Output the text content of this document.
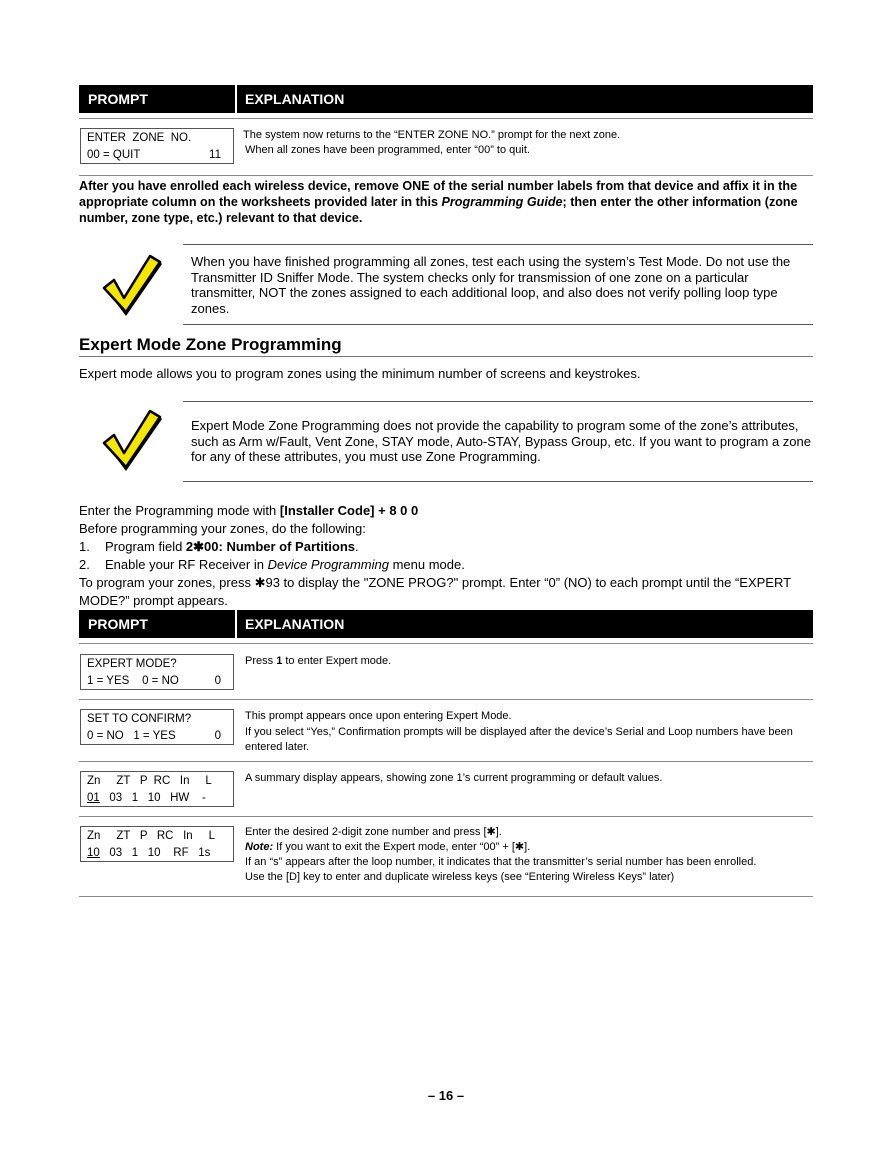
PROMPT	EXPLANATION
ENTER  ZONE  NO.
00 = QUIT	11

The system now returns to the “ENTER ZONE NO.” prompt for the next zone.

When all zones have been programmed, enter “00” to quit.

After you have enrolled each wireless device, remove ONE of the serial number labels from that device and affix it in the appropriate column on the worksheets provided later in this Programming Guide; then enter the other information (zone number, zone type, etc.) relevant to that device.
When you have finished programming all zones, test each using the system’s Test Mode. Do not use the Transmitter ID Sniffer Mode. The system checks only for transmission of one zone on a particular transmitter, NOT the zones assigned to each additional loop, and also does not verify polling loop type zones.
Expert Mode Zone Programming
Expert mode allows you to program zones using the minimum number of screens and keystrokes.
Expert Mode Zone Programming does not provide the capability to program some of the zone’s attributes, such as Arm w/Fault, Vent Zone, STAY mode, Auto-STAY, Bypass Group, etc. If you want to program a zone for any of these attributes, you must use Zone Programming.
Enter the Programming mode with [Installer Code] + 8 0 0
Before programming your zones, do the following:
1. Program field 2✱00: Number of Partitions.
2. Enable your RF Receiver in Device Programming menu mode.
To program your zones, press ✱93 to display the "ZONE PROG?" prompt. Enter “0” (NO) to each prompt until the “EXPERT MODE?” prompt appears.
PROMPT	EXPLANATION
EXPERT MODE?
1 = YES    0 = NO	0

Press 1 to enter Expert mode.

SET TO CONFIRM?
0 = NO   1 = YES	0

This prompt appears once upon entering Expert Mode.

If you select “Yes,” Confirmation prompts will be displayed after the device’s Serial and Loop numbers have been entered later.

Zn     ZT   P  RC   In     L
01   03   1   10   HW    -

A summary display appears, showing zone 1’s current programming or default values.

Zn     ZT   P   RC   In     L
10   03   1   10    RF   1s

Enter the desired 2-digit zone number and press [✱].

Note: If you want to exit the Expert mode, enter “00” + [✱].

If an “s” appears after the loop number, it indicates that the transmitter’s serial number has been enrolled.

Use the [D] key to enter and duplicate wireless keys (see “Entering Wireless Keys” later)

– 16 –
